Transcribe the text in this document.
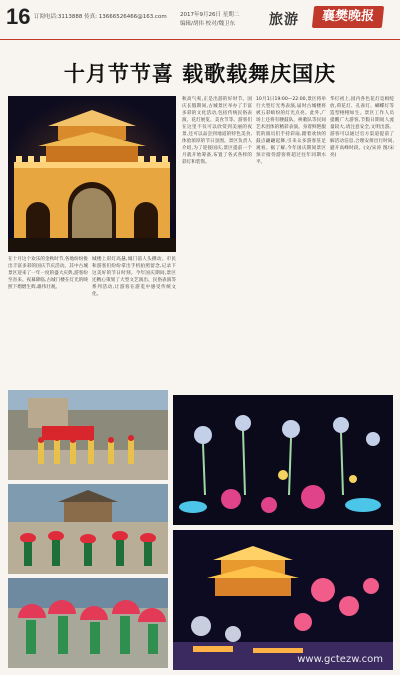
16 订阅电话:3113888 传真: 13666526466@163.com 2017年9月26日 星期二
编辑/胡伟 校对/魏卫东 旅游	襄樊晚报
十月节节喜 载歌载舞庆国庆
在十月这个欢乐的金秋时节,各地纷纷推出丰富多彩的国庆节庆活动。其中古城景区迎来了一年一度的盛大庆典,游客纷至沓来。夜幕降临,古城门楼在灯光的映照下熠熠生辉,雄伟壮观。
城楼上彩灯高悬,城门前人头攒动。市民和游客们纷纷拿出手机拍照留念,记录下这美好的节日时刻。今年国庆期间,景区还精心策划了大型文艺演出、民俗表演等系列活动,让游客在游览中感受传统文化。
秋高气爽,正是出游的好时节。国庆长假期间,古城景区举办了丰富多彩的文化活动,包括传统民俗表演、花灯展览、美食节等。游客们在这里不仅可以欣赏到美丽的夜景,还可以品尝到地道的特色美食,体验浓厚的节日氛围。景区负责人介绍,为了迎接国庆,景区提前一个月就开始筹备,布置了各式各样的彩灯和装饰。
10月1日19:00—22:00,景区将举行大型灯光秀表演,届时古城楼将被五彩缤纷的灯光点亮。此外,广场上还将有腰鼓队、秧歌队等民间艺术团体的精彩表演。身着鲜艳服装的演员们手持彩扇,踏着欢快的鼓点翩翩起舞,引来众多游客驻足观看。据了解,今年国庆期间景区预计接待游客将超过往年同期水平。
华灯初上,园内各色花灯竞相绽放,荷花灯、孔雀灯、蝴蝶灯等造型栩栩如生。景区工作人员提醒广大游客,节假日期间人流量较大,请注意安全,文明出游。游客可以通过官方渠道提前了解活动信息,合理安排出行时间,避开高峰时段。(文/宋涛 图/宋亮)
www.gctezw.com
